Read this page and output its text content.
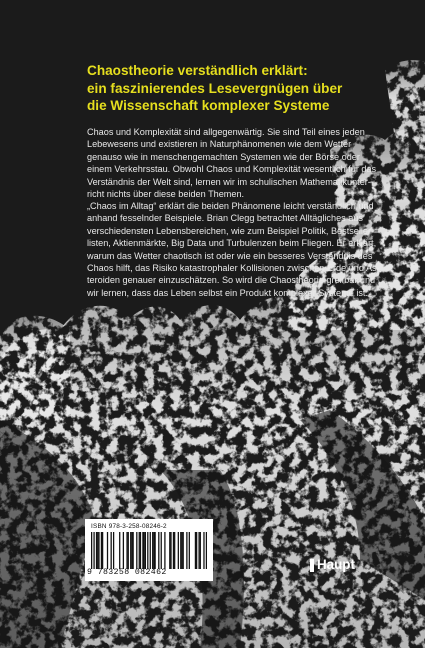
Chaostheorie verständlich erklärt:
ein faszinierendes Lesevergnügen über
die Wissenschaft komplexer Systeme

Chaos und Komplexität sind allgegenwärtig. Sie sind Teil eines jeden
Lebewesens und existieren in Naturphänomenen wie dem Wetter
genauso wie in menschengemachten Systemen wie der Börse oder
einem Verkehrsstau. Obwohl Chaos und Komplexität wesentlich für das
Verständnis der Welt sind, lernen wir im schulischen Mathematikunter-
richt nichts über diese beiden Themen.

„Chaos im Alltag“ erklärt die beiden Phänomene leicht verständlich und
anhand fesselnder Beispiele. Brian Clegg betrachtet Alltägliches aus
verschiedensten Lebensbereichen, wie zum Beispiel Politik, Bestseller-
listen, Aktienmärkte, Big Data und Turbulenzen beim Fliegen. Er erklärt,
warum das Wetter chaotisch ist oder wie ein besseres Verständnis des
Chaos hilft, das Risiko katastrophaler Kollisionen zwischen Erde und As-
teroiden genauer einzuschätzen. So wird die Chaostheorie greifbar und
wir lernen, dass das Leben selbst ein Produkt komplexer Systeme ist.

ISBN 978-3-258-08246-2
9 783258 082462
Haupt
